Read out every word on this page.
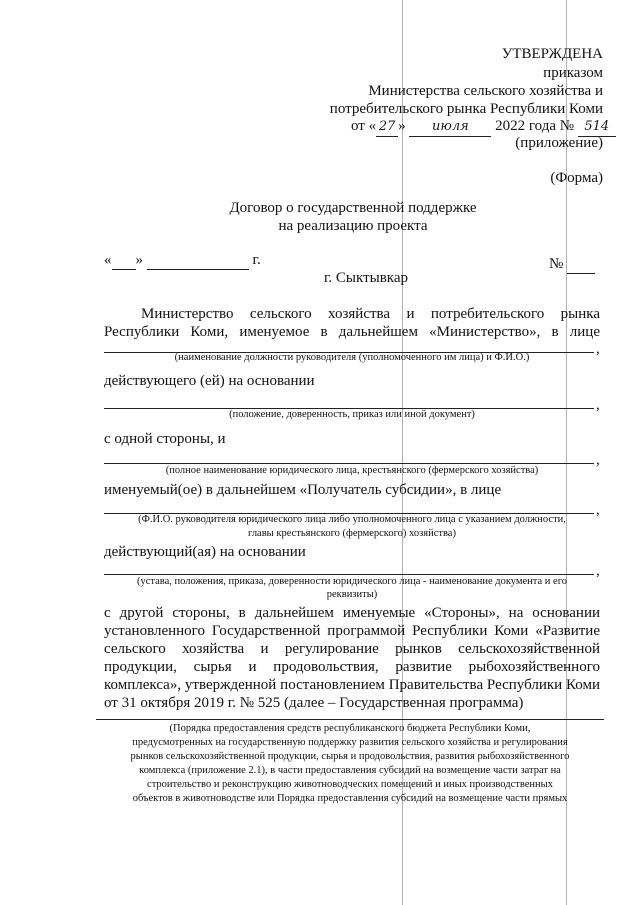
УТВЕРЖДЕНА
приказом
Министерства сельского хозяйства и
потребительского рынка Республики Коми
от « 27 » июля 2022 года № 514
(приложение)
(Форма)
Договор о государственной поддержке
на реализацию проекта
« »	г.	№
г. Сыктывкар
Министерство сельского хозяйства и потребительского рынка
Республики Коми, именуемое в дальнейшем «Министерство», в лице
,
(наименование должности руководителя (уполномоченного им лица) и Ф.И.О.)
действующего (ей) на основании
,
(положение, доверенность, приказ или иной документ)
с одной стороны, и
,
(полное наименование юридического лица, крестьянского (фермерского хозяйства)
именуемый(ое) в дальнейшем «Получатель субсидии», в лице
,
(Ф.И.О. руководителя юридического лица либо уполномоченного лица с указанием должности,
главы крестьянского (фермерского) хозяйства)
действующий(ая) на основании
,
(устава, положения, приказа, доверенности юридического лица - наименование документа и его
реквизиты)
с другой стороны, в дальнейшем именуемые «Стороны», на основании
установленного Государственной программой Республики Коми «Развитие
сельского хозяйства и регулирование рынков сельскохозяйственной
продукции, сырья и продовольствия, развитие рыбохозяйственного
комплекса», утвержденной постановлением Правительства Республики Коми
от 31 октября 2019 г. № 525 (далее – Государственная программа)
(Порядка предоставления средств республиканского бюджета Республики Коми,
предусмотренных на государственную поддержку развития сельского хозяйства и регулирования
рынков сельскохозяйственной продукции, сырья и продовольствия, развития рыбохозяйственного
комплекса (приложение 2.1), в части предоставления субсидий на возмещение части затрат на
строительство и реконструкцию животноводческих помещений и иных производственных
объектов в животноводстве или Порядка предоставления субсидий на возмещение части прямых
